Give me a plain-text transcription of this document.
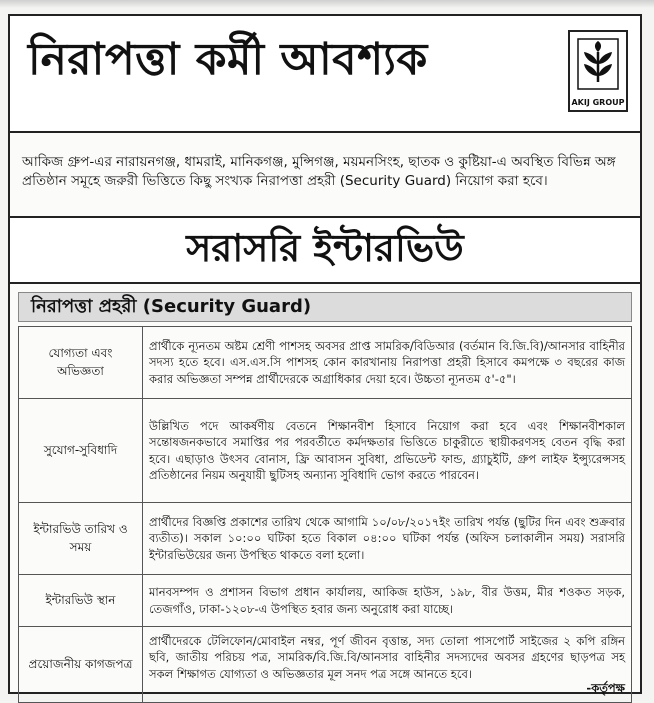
নিরাপত্তা কর্মী আবশ্যক
AKIJ GROUP
আকিজ গ্রুপ-এর নারায়নগঞ্জ, ধামরাই, মানিকগঞ্জ, মুন্সিগঞ্জ, ময়মনসিংহ, ছাতক ও কুষ্টিয়া-এ অবস্থিত বিভিন্ন অঙ্গ প্রতিষ্ঠান সমূহে জরুরী ভিত্তিতে কিছু সংখ্যক নিরাপত্তা প্রহরী (Security Guard) নিয়োগ করা হবে।
সরাসরি ইন্টারভিউ
নিরাপত্তা প্রহরী (Security Guard)
যোগ্যতা এবং অভিজ্ঞতা	প্রার্থীকে ন্যূনতম অষ্টম শ্রেণী পাশসহ অবসর প্রাপ্ত সামরিক/বিডিআর (বর্তমান বি.জি.বি)/আনসার বাহিনীর সদস্য হতে হবে। এস.এস.সি পাশসহ কোন কারখানায় নিরাপত্তা প্রহরী হিসাবে কমপক্ষে ৩ বছরের কাজ করার অভিজ্ঞতা সম্পন্ন প্রার্থীদেরকে অগ্রাধিকার দেয়া হবে। উচ্চতা ন্যূনতম ৫'-৫"।
সুযোগ-সুবিধাদি	উল্লিখিত পদে আকর্ষণীয় বেতনে শিক্ষানবীশ হিসাবে নিয়োগ করা হবে এবং শিক্ষানবীশকাল সন্তোষজনকভাবে সমাপ্তির পর পরবর্তীতে কর্মদক্ষতার ভিত্তিতে চাকুরীতে স্থায়ীকরণসহ বেতন বৃদ্ধি করা হবে। এছাড়াও উৎসব বোনাস, ফ্রি আবাসন সুবিধা, প্রভিডেন্ট ফান্ড, গ্র্যাচুইটি, গ্রুপ লাইফ ইন্স্যুরেন্সসহ প্রতিষ্ঠানের নিয়ম অনুযায়ী ছুটিসহ অন্যান্য সুবিধাদি ভোগ করতে পারবেন।
ইন্টারভিউ তারিখ ও সময়	প্রার্থীদের বিজ্ঞপ্তি প্রকাশের তারিখ থেকে আগামি ১০/০৮/২০১৭ইং তারিখ পর্যন্ত (ছুটির দিন এবং শুক্রবার ব্যতীত)। সকাল ১০:০০ ঘটিকা হতে বিকাল ০৪:০০ ঘটিকা পর্যন্ত (অফিস চলাকালীন সময়) সরাসরি ইন্টারভিউয়ের জন্য উপস্থিত থাকতে বলা হলো।
ইন্টারভিউ স্থান	মানবসম্পদ ও প্রশাসন বিভাগ প্রধান কার্যালয়, আকিজ হাউস, ১৯৮, বীর উত্তম, মীর শওকত সড়ক, তেজগাঁও, ঢাকা-১২০৮-এ উপস্থিত হবার জন্য অনুরোধ করা যাচ্ছে।
প্রয়োজনীয় কাগজপত্র	প্রার্থীদেরকে টেলিফোন/মোবাইল নম্বর, পূর্ণ জীবন বৃত্তান্ত, সদ্য তোলা পাসপোর্ট সাইজের ২ কপি রঙ্গিন ছবি, জাতীয় পরিচয় পত্র, সামরিক/বি.জি.বি/আনসার বাহিনীর সদস্যদের অবসর গ্রহণের ছাড়পত্র সহ সকল শিক্ষাগত যোগ্যতা ও অভিজ্ঞতার মূল সনদ পত্র সঙ্গে আনতে হবে।
-কর্তৃপক্ষ
